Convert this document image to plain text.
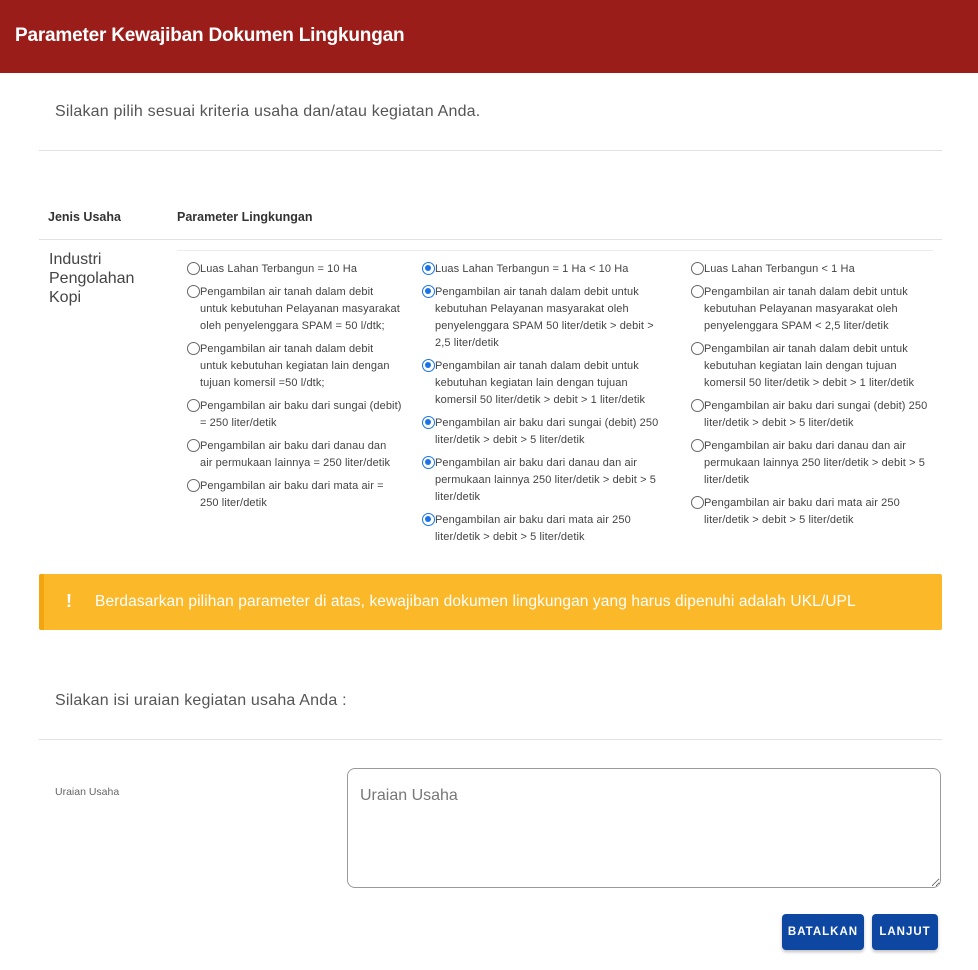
Parameter Kewajiban Dokumen Lingkungan
Silakan pilih sesuai kriteria usaha dan/atau kegiatan Anda.
Jenis Usaha	Parameter Lingkungan
Industri Pengolahan Kopi
Luas Lahan Terbangun = 10 Ha
Pengambilan air tanah dalam debit untuk kebutuhan Pelayanan masyarakat oleh penyelenggara SPAM = 50 l/dtk;
Pengambilan air tanah dalam debit untuk kebutuhan kegiatan lain dengan tujuan komersil =50 l/dtk;
Pengambilan air baku dari sungai (debit) = 250 liter/detik
Pengambilan air baku dari danau dan air permukaan lainnya = 250 liter/detik
Pengambilan air baku dari mata air = 250 liter/detik
Luas Lahan Terbangun = 1 Ha < 10 Ha
Pengambilan air tanah dalam debit untuk kebutuhan Pelayanan masyarakat oleh penyelenggara SPAM 50 liter/detik > debit > 2,5 liter/detik
Pengambilan air tanah dalam debit untuk kebutuhan kegiatan lain dengan tujuan komersil 50 liter/detik > debit > 1 liter/detik
Pengambilan air baku dari sungai (debit) 250 liter/detik > debit > 5 liter/detik
Pengambilan air baku dari danau dan air permukaan lainnya 250 liter/detik > debit > 5 liter/detik
Pengambilan air baku dari mata air 250 liter/detik > debit > 5 liter/detik
Luas Lahan Terbangun < 1 Ha
Pengambilan air tanah dalam debit untuk kebutuhan Pelayanan masyarakat oleh penyelenggara SPAM < 2,5 liter/detik
Pengambilan air tanah dalam debit untuk kebutuhan kegiatan lain dengan tujuan komersil 50 liter/detik > debit > 1 liter/detik
Pengambilan air baku dari sungai (debit) 250 liter/detik > debit > 5 liter/detik
Pengambilan air baku dari danau dan air permukaan lainnya 250 liter/detik > debit > 5 liter/detik
Pengambilan air baku dari mata air 250 liter/detik > debit > 5 liter/detik
! Berdasarkan pilihan parameter di atas, kewajiban dokumen lingkungan yang harus dipenuhi adalah UKL/UPL
Silakan isi uraian kegiatan usaha Anda :
Uraian Usaha
Uraian Usaha
BATALKAN	LANJUT
